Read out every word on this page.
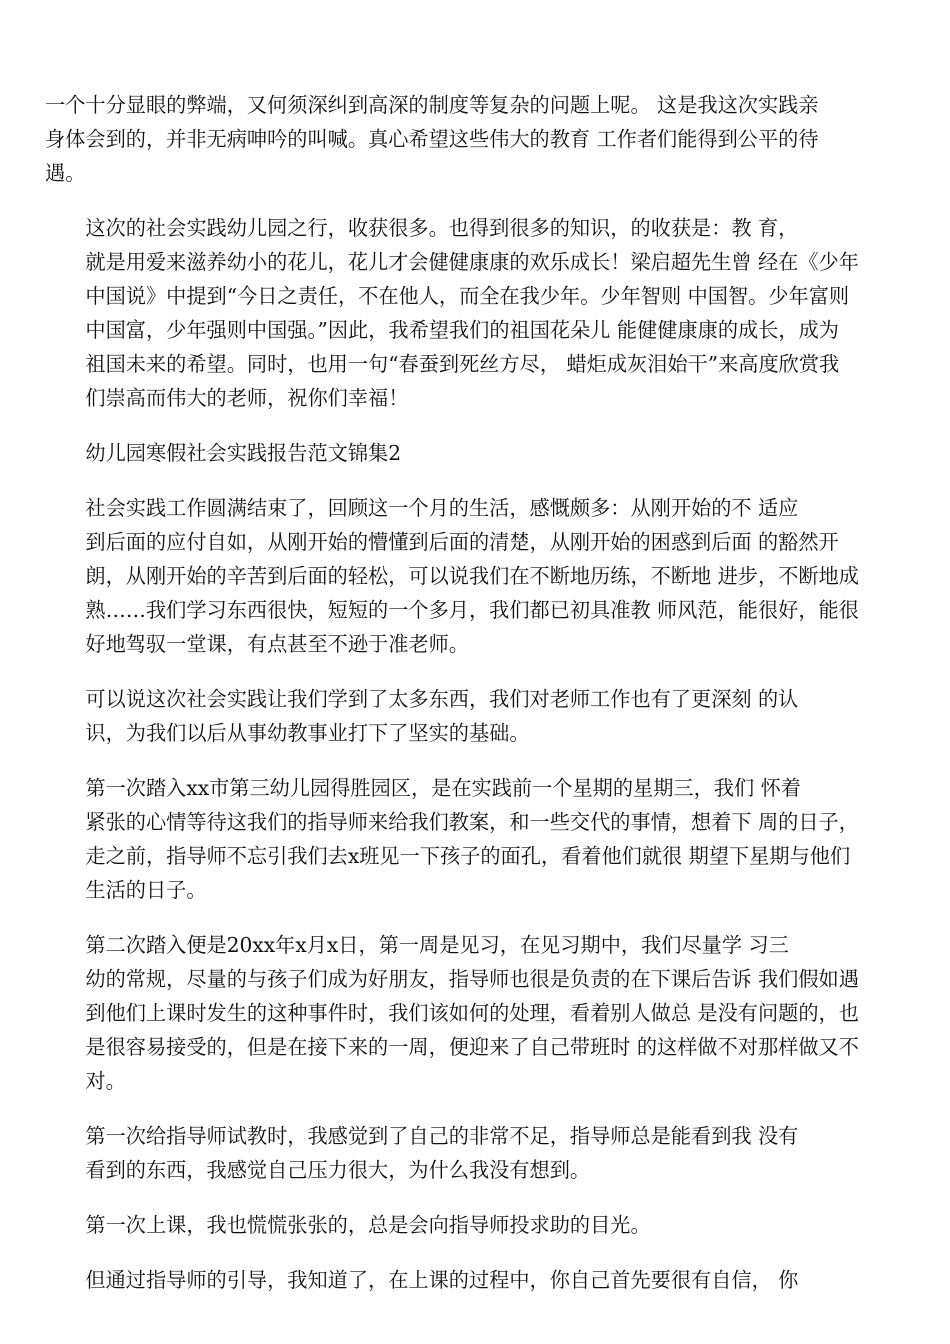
一个十分显眼的弊端，又何须深纠到高深的制度等复杂的问题上呢。 这是我这次实践亲
身体会到的，并非无病呻吟的叫喊。真心希望这些伟大的教育 工作者们能得到公平的待
遇。

这次的社会实践幼儿园之行，收获很多。也得到很多的知识，的收获是：教 育，
就是用爱来滋养幼小的花儿，花儿才会健健康康的欢乐成长！梁启超先生曾 经在《少年
中国说》中提到“今日之责任，不在他人，而全在我少年。少年智则 中国智。少年富则
中国富，少年强则中国强。”因此，我希望我们的祖国花朵儿 能健健康康的成长，成为
祖国未来的希望。同时，也用一句“春蚕到死丝方尽， 蜡炬成灰泪始干”来高度欣赏我
们崇高而伟大的老师，祝你们幸福！

幼儿园寒假社会实践报告范文锦集2

社会实践工作圆满结束了，回顾这一个月的生活，感慨颇多：从刚开始的不 适应
到后面的应付自如，从刚开始的懵懂到后面的清楚，从刚开始的困惑到后面 的豁然开
朗，从刚开始的辛苦到后面的轻松，可以说我们在不断地历练，不断地 进步，不断地成
熟……我们学习东西很快，短短的一个多月，我们都已初具准教 师风范，能很好，能很
好地驾驭一堂课，有点甚至不逊于准老师。

可以说这次社会实践让我们学到了太多东西，我们对老师工作也有了更深刻 的认
识，为我们以后从事幼教事业打下了坚实的基础。

第一次踏入xx市第三幼儿园得胜园区，是在实践前一个星期的星期三，我们 怀着
紧张的心情等待这我们的指导师来给我们教案，和一些交代的事情，想着下 周的日子，
走之前，指导师不忘引我们去x班见一下孩子的面孔，看着他们就很 期望下星期与他们
生活的日子。

第二次踏入便是20xx年x月x日，第一周是见习，在见习期中，我们尽量学 习三
幼的常规，尽量的与孩子们成为好朋友，指导师也很是负责的在下课后告诉 我们假如遇
到他们上课时发生的这种事件时，我们该如何的处理，看着别人做总 是没有问题的，也
是很容易接受的，但是在接下来的一周，便迎来了自己带班时 的这样做不对那样做又不
对。

第一次给指导师试教时，我感觉到了自己的非常不足，指导师总是能看到我 没有
看到的东西，我感觉自己压力很大，为什么我没有想到。

第一次上课，我也慌慌张张的，总是会向指导师投求助的目光。

但通过指导师的引导，我知道了，在上课的过程中，你自己首先要很有自信， 你
